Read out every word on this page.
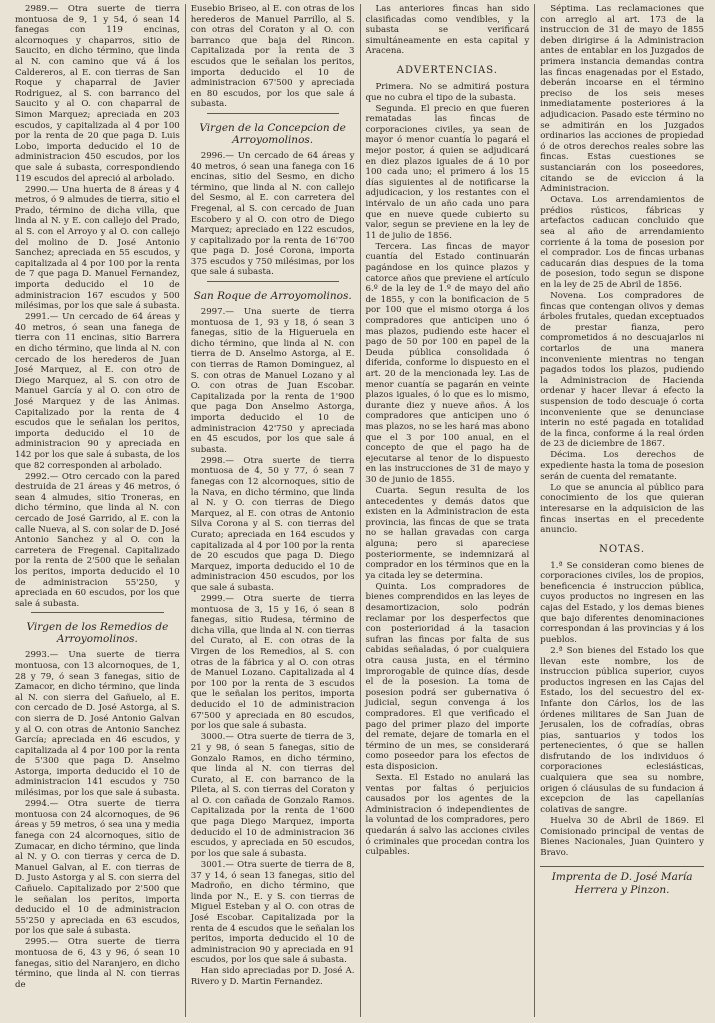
2989.— Otra suerte de tierra montuosa de 9, 1 y 54, ó sean 14 fanegas con 119 encinas, alcornoques y chaparros, sitio de Saucito, en dicho término, que linda al N. con camino que vá á los Caldereros, al E. con tierras de San Roque y chaparral de Javier Rodriguez, al S. con barranco del Saucito y al O. con chaparral de Simon Marquez; apreciada en 203 escudos, y capitalizada al 4 por 100 por la renta de 20 que paga D. Luis Lobo, importa deducido el 10 de administracion 450 escudos, por los que sale á subasta, correspondiendo 119 escudos del apreció al arbolado.

2990.— Una huerta de 8 áreas y 4 metros, ó 9 almudes de tierra, sitio el Prado, término de dicha villa, que linda al N. y E. con callejo del Prado, al S. con el Arroyo y al O. con callejo del molino de D. José Antonio Sanchez; apreciada en 55 escudos, y capitalizada al 4 por 100 por la renta de 7 que paga D. Manuel Fernandez, importa deducido el 10 de administracion 167 escudos y 500 milésimas, por los que sale á subasta.

2991.— Un cercado de 64 áreas y 40 metros, ó sean una fanega de tierra con 11 encinas, sitio Barrera en dicho término, que linda al N. con cercado de los herederos de Juan José Marquez, al E. con otro de Diego Marquez, al S. con otro de Manuel García y al O. con otro de José Marquez y de las Ánimas. Capitalizado por la renta de 4 escudos que le señalan los peritos, importa deducido el 10 de administracion 90 y apreciada en 142 por los que sale á subasta, de los que 82 corresponden al arbolado.

2992.— Otro cercado con la pared destruida de 21 áreas y 46 metros, ó sean 4 almudes, sitio Troneras, en dicho término, que linda al N. con cercado de José Garrido, al E. con la calle Nueva, al S. con solar de D. José Antonio Sanchez y al O. con la carretera de Fregenal. Capitalizado por la renta de 2'500 que le señalan los peritos, importa deducido el 10 de administracion 55'250, y apreciada en 60 escudos, por los que sale á subasta.

Virgen de los Remedios de Arroyomolinos.

2993.— Una suerte de tierra montuosa, con 13 alcornoques, de 1, 28 y 79, ó sean 3 fanegas, sitio de Zamacor, en dicho término, que linda al N. con sierra del Gañuelo, al E. con cercado de D. José Astorga, al S. con sierra de D. José Antonio Galvan y al O. con otras de Antonio Sanchez García; apreciada en 46 escudos, y capitalizada al 4 por 100 por la renta de 5'300 que paga D. Anselmo Astorga, importa deducido el 10 de administracion 141 escudos y 750 milésimas, por los que sale á subasta.

2994.— Otra suerte de tierra montuosa con 24 alcornoques, de 96 áreas y 59 metros, ó sea una y media fanega con 24 alcornoques, sitio de Zumacar, en dicho término, que linda al N. y O. con tierras y cerca de D. Manuel Galvan, al E. con tierras de D. Justo Astorga y al S. con sierra del Cañuelo. Capitalizado por 2'500 que le señalan los peritos, importa deducido el 10 de administracion 55'250 y apreciada en 63 escudos, por los que sale á subasta.

2995.— Otra suerte de tierra montuosa de 6, 43 y 96, ó sean 10 fanegas, sitio del Naranjero, en dicho término, que linda al N. con tierras de

Eusebio Briseo, al E. con otras de los herederos de Manuel Parrillo, al S. con otras del Coraton y al O. con barranco que baja del Rincon. Capitalizada por la renta de 3 escudos que le señalan los peritos, importa deducido el 10 de administracion 67'500 y apreciada en 80 escudos, por los que sale á subasta.

Virgen de la Concepcion de Arroyomolinos.

2996.— Un cercado de 64 áreas y 40 metros, ó sean una fanega con 16 encinas, sitio del Sesmo, en dicho término, que linda al N. con callejo del Sesmo, al E. con carretera del Fregenal, al S. con cercado de Juan Escobero y al O. con otro de Diego Marquez; apreciado en 122 escudos, y capitalizado por la renta de 16'700 que paga D. José Corona, importa 375 escudos y 750 milésimas, por los que sale á subasta.

San Roque de Arroyomolinos.

2997.— Una suerte de tierra montuosa de 1, 93 y 18, ó sean 3 fanegas, sitio de la Higueruela en dicho término, que linda al N. con tierra de D. Anselmo Astorga, al E. con tierras de Ramon Dominguez, al S. con otras de Manuel Lozano y al O. con otras de Juan Escobar. Capitalizada por la renta de 1'900 que paga Don Anselmo Astorga, importa deducido el 10 de administracion 42'750 y apreciada en 45 escudos, por los que sale á subasta.

2998.— Otra suerte de tierra montuosa de 4, 50 y 77, ó sean 7 fanegas con 12 alcornoques, sitio de la Nava, en dicho término, que linda al N. y O. con tierras de Diego Marquez, al E. con otras de Antonio Silva Corona y al S. con tierras del Curato; apreciada en 164 escudos y capitalizada al 4 por 100 por la renta de 20 escudos que paga D. Diego Marquez, importa deducido el 10 de administracion 450 escudos, por los que sale á subasta.

2999.— Otra suerte de tierra montuosa de 3, 15 y 16, ó sean 8 fanegas, sitio Rudesa, término de dicha villa, que linda al N. con tierras del Curato, al E. con otras de la Virgen de los Remedios, al S. con otras de la fábrica y al O. con otras de Manuel Lozano. Capitalizada al 4 por 100 por la renta de 3 escudos que le señalan los peritos, importa deducido el 10 de administracion 67'500 y apreciada en 80 escudos, por los que sale á subasta.

3000.— Otra suerte de tierra de 3, 21 y 98, ó sean 5 fanegas, sitio de Gonzalo Ramos, en dicho término, que linda al N. con tierras del Curato, al E. con barranco de la Pileta, al S. con tierras del Coraton y al O. con cañada de Gonzalo Ramos. Capitalizada por la renta de 1'600 que paga Diego Marquez, importa deducido el 10 de administracion 36 escudos, y apreciada en 50 escudos, por los que sale á subasta.

3001.— Otra suerte de tierra de 8, 37 y 14, ó sean 13 fanegas, sitio del Madroño, en dicho término, que linda por N., E. y S. con tierras de Miguel Esteban y al O. con otras de José Escobar. Capitalizada por la renta de 4 escudos que le señalan los peritos, importa deducido el 10 de administracion 90 y apreciada en 91 escudos, por los que sale á subasta.

Han sido apreciadas por D. José A. Rivero y D. Martin Fernandez.

Las anteriores fincas han sido clasificadas como vendibles, y la subasta se verificará simultáneamente en esta capital y Aracena.

ADVERTENCIAS.

Primera. No se admitirá postura que no cubra el tipo de la subasta.

Segunda. El precio en que fueren rematadas las fincas de corporaciones civiles, ya sean de mayor ó menor cuantía lo pagará el mejor postor, á quien se adjudicará en diez plazos iguales de á 10 por 100 cada uno; el primero á los 15 días siguientes al de notificarse la adjudicacion, y los restantes con el intérvalo de un año cada uno para que en nueve quede cubierto su valor, segun se previene en la ley de 11 de julio de 1856.

Tercera. Las fincas de mayor cuantía del Estado continuarán pagándose en los quince plazos y catorce años que previene el artículo 6.º de la ley de 1.º de mayo del año de 1855, y con la bonificacion de 5 por 100 que el mismo otorga á los compradores que anticipen uno ó mas plazos, pudiendo este hacer el pago de 50 por 100 en papel de la Deuda pública consolidada ó diferida, conforme lo dispuesto en el art. 20 de la mencionada ley. Las de menor cuantía se pagarán en veinte plazos iguales, ó lo que es lo mismo, durante diez y nueve años. Á los compradores que anticipen uno ó mas plazos, no se les hará mas abono que el 3 por 100 anual, en el concepto de que el pago ha de ejecutarse al tenor de lo dispuesto en las instrucciones de 31 de mayo y 30 de junio de 1855.

Cuarta. Segun resulta de los antecedentes y demás datos que existen en la Administracion de esta provincia, las fincas de que se trata no se hallan gravadas con carga alguna; pero si apareciese posteriormente, se indemnizará al comprador en los términos que en la ya citada ley se determina.

Quinta. Los compradores de bienes comprendidos en las leyes de desamortizacion, solo podrán reclamar por los desperfectos que con posterioridad á la tasacion sufran las fincas por falta de sus cabidas señaladas, ó por cualquiera otra causa justa, en el término improrogable de quince días, desde el de la posesion. La toma de posesion podrá ser gubernativa ó judicial, segun convenga á los compradores. El que verificado el pago del primer plazo del importe del remate, dejare de tomarla en el término de un mes, se considerará como poseedor para los efectos de esta disposicion.

Sexta. El Estado no anulará las ventas por faltas ó perjuicios causados por los agentes de la Administracion ó independientes de la voluntad de los compradores, pero quedarán á salvo las acciones civiles ó criminales que procedan contra los culpables.

Séptima. Las reclamaciones que con arreglo al art. 173 de la instruccion de 31 de mayo de 1855 deben dirigirse á la Administracion antes de entablar en los Juzgados de primera instancia demandas contra las fincas enagenadas por el Estado, deberán incoarse en el término preciso de los seis meses inmediatamente posteriores á la adjudicacion. Pasado este término no se admitirán en los Juzgados ordinarios las acciones de propiedad ó de otros derechos reales sobre las fincas. Estas cuestiones se sustanciarán con los poseedores, citando se de eviccion á la Administracion.

Octava. Los arrendamientos de prédios rústicos, fábricas y artefactos caducan concluido que sea al año de arrendamiento corriente á la toma de posesion por el comprador. Los de fincas urbanas caducarán dias despues de la toma de posesion, todo segun se dispone en la ley de 25 de Abril de 1856.

Novena. Los compradores de fincas que contengan olivos y demas árboles frutales, quedan exceptuados de prestar fianza, pero comprometidos á no descuajarlos ni cortarlos de una manera inconveniente mientras no tengan pagados todos los plazos, pudiendo la Administracion de Hacienda ordenar y hacer llevar á efecto la suspension de todo descuaje ó corta inconveniente que se denunciase interin no esté pagada en totalidad de la finca, conforme á la real órden de 23 de diciembre de 1867.

Décima. Los derechos de expediente hasta la toma de posesion serán de cuenta del rematante.

Lo que se anuncia al público para conocimiento de los que quieran interesarse en la adquisicion de las fincas insertas en el precedente anuncio.

NOTAS.

1.ª Se consideran como bienes de corporaciones civiles, los de propios, beneficencia é instruccion pública, cuyos productos no ingresen en las cajas del Estado, y los demas bienes que bajo diferentes denominaciones correspondan á las provincias y á los pueblos.

2.ª Son bienes del Estado los que llevan este nombre, los de instruccion pública superior, cuyos productos ingresen en las Cajas del Estado, los del secuestro del ex-Infante don Cárlos, los de las órdenes militares de San Juan de Jerusalen, los de cofradías, obras pias, santuarios y todos los pertenecientes, ó que se hallen disfrutando de los individuos ó corporaciones eclesiásticas, cualquiera que sea su nombre, origen ó cláusulas de su fundacion á excepcion de las capellanías colativas de sangre.

Huelva 30 de Abril de 1869. El Comisionado principal de ventas de Bienes Nacionales, Juan Quintero y Bravo.

Imprenta de D. José María Herrera y Pinzon.
